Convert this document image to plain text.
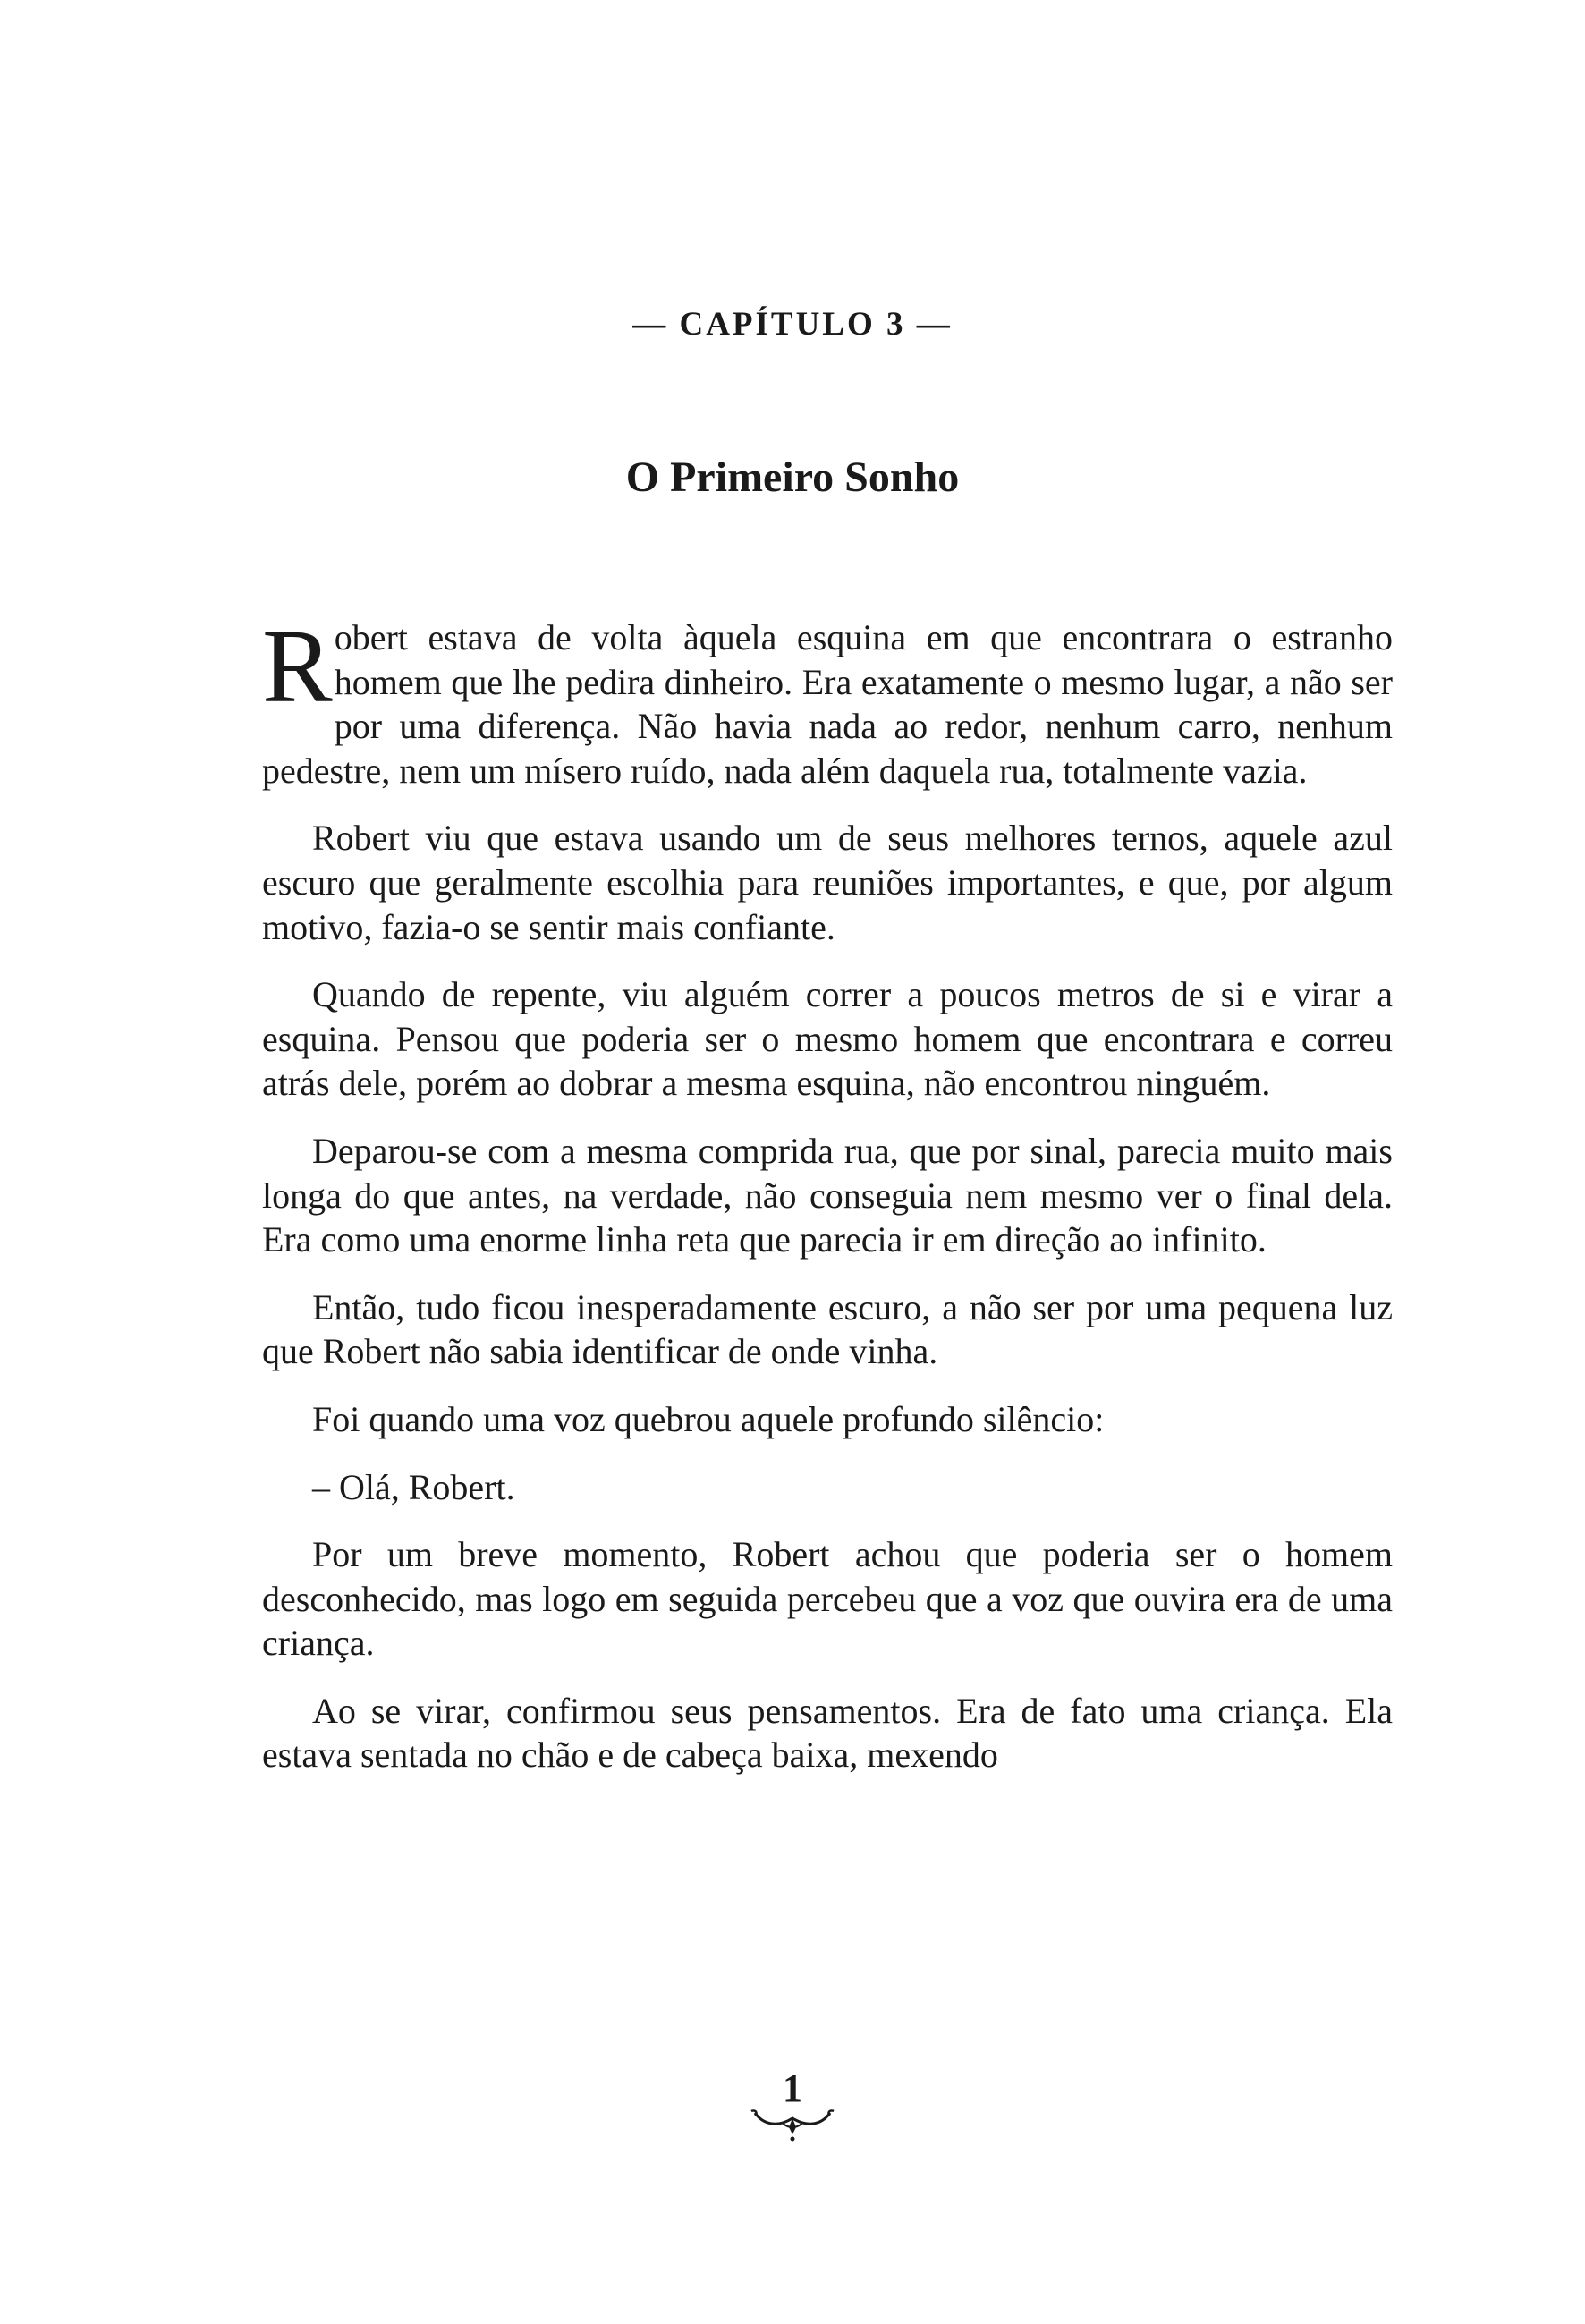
— CAPÍTULO 3 —
O Primeiro Sonho

Robert estava de volta àquela esquina em que encontrara o estranho homem que lhe pedira dinheiro. Era exatamente o mesmo lugar, a não ser por uma diferença. Não havia nada ao redor, nenhum carro, nenhum pedestre, nem um mísero ruído, nada além daquela rua, totalmente vazia.

Robert viu que estava usando um de seus melhores ternos, aquele azul escuro que geralmente escolhia para reuniões importantes, e que, por algum motivo, fazia-o se sentir mais confiante.

Quando de repente, viu alguém correr a poucos metros de si e virar a esquina. Pensou que poderia ser o mesmo homem que encontrara e correu atrás dele, porém ao dobrar a mesma esquina, não encontrou ninguém.

Deparou-se com a mesma comprida rua, que por sinal, parecia muito mais longa do que antes, na verdade, não conseguia nem mesmo ver o final dela. Era como uma enorme linha reta que parecia ir em direção ao infinito.

Então, tudo ficou inesperadamente escuro, a não ser por uma pequena luz que Robert não sabia identificar de onde vinha.

Foi quando uma voz quebrou aquele profundo silêncio:

– Olá, Robert.

Por um breve momento, Robert achou que poderia ser o homem desconhecido, mas logo em seguida percebeu que a voz que ouvira era de uma criança.

Ao se virar, confirmou seus pensamentos. Era de fato uma criança. Ela estava sentada no chão e de cabeça baixa, mexendo

1
